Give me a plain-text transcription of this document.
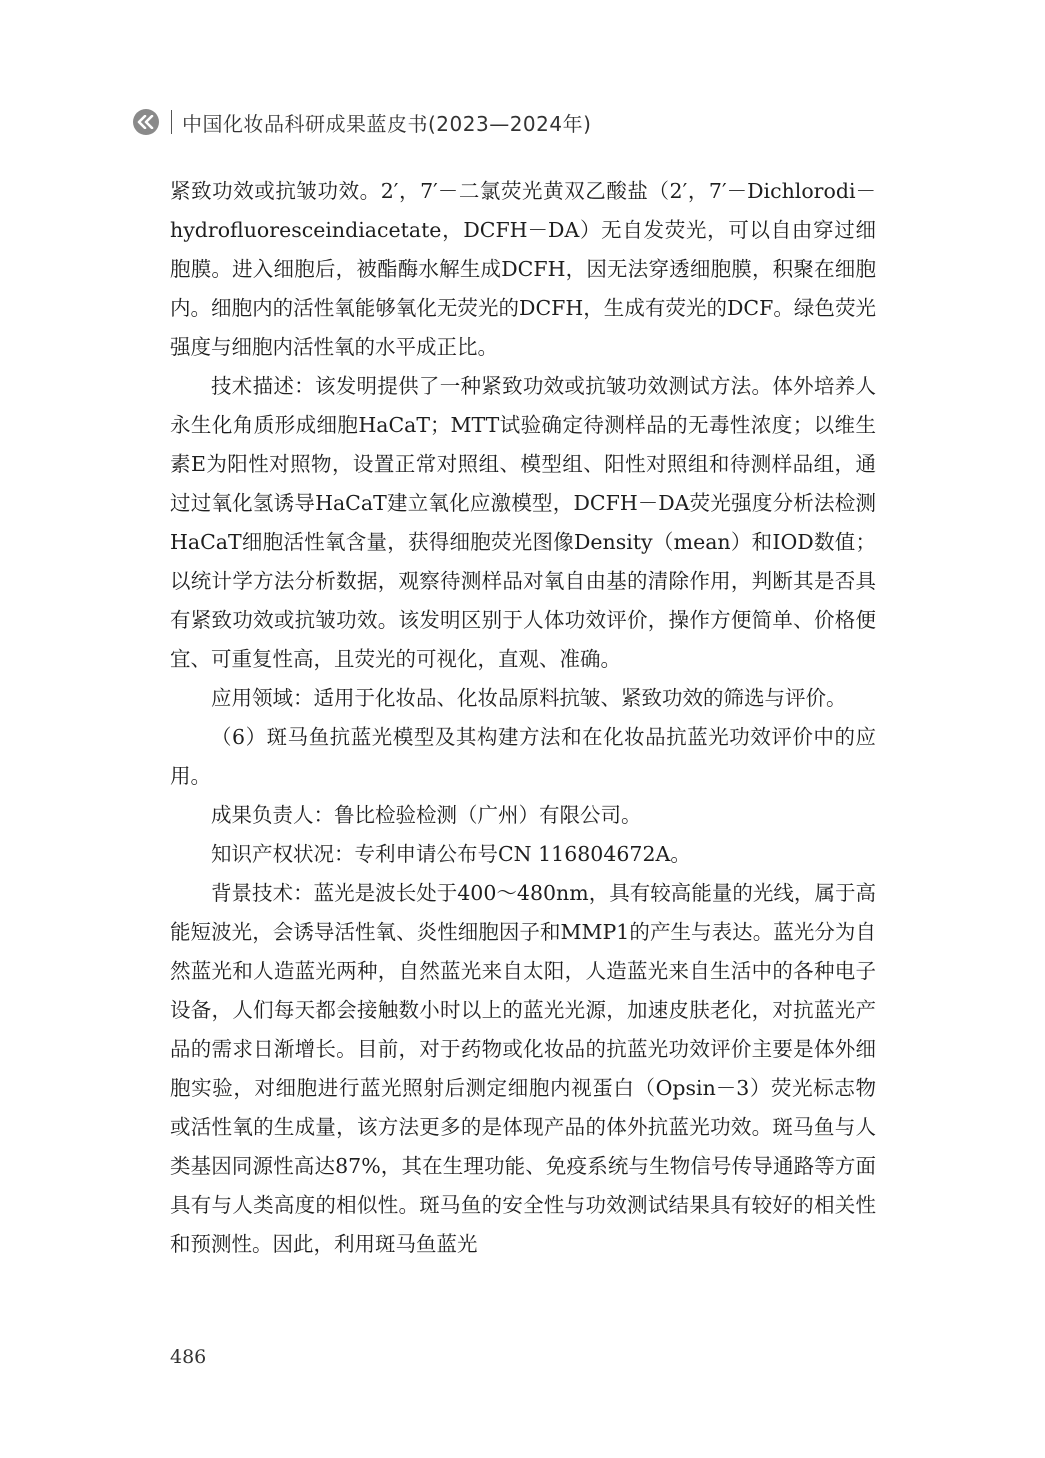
中国化妆品科研成果蓝皮书(2023—2024年)

紧致功效或抗皱功效。2′，7′－二氯荧光黄双乙酸盐（2′，7′－Dichlorodi－hydrofluoresceindiacetate，DCFH－DA）无自发荧光，可以自由穿过细胞膜。进入细胞后，被酯酶水解生成DCFH，因无法穿透细胞膜，积聚在细胞内。细胞内的活性氧能够氧化无荧光的DCFH，生成有荧光的DCF。绿色荧光强度与细胞内活性氧的水平成正比。

技术描述：该发明提供了一种紧致功效或抗皱功效测试方法。体外培养人永生化角质形成细胞HaCaT；MTT试验确定待测样品的无毒性浓度；以维生素E为阳性对照物，设置正常对照组、模型组、阳性对照组和待测样品组，通过过氧化氢诱导HaCaT建立氧化应激模型，DCFH－DA荧光强度分析法检测HaCaT细胞活性氧含量，获得细胞荧光图像Density（mean）和IOD数值；以统计学方法分析数据，观察待测样品对氧自由基的清除作用，判断其是否具有紧致功效或抗皱功效。该发明区别于人体功效评价，操作方便简单、价格便宜、可重复性高，且荧光的可视化，直观、准确。

应用领域：适用于化妆品、化妆品原料抗皱、紧致功效的筛选与评价。

（6）斑马鱼抗蓝光模型及其构建方法和在化妆品抗蓝光功效评价中的应用。

成果负责人：鲁比检验检测（广州）有限公司。

知识产权状况：专利申请公布号CN 116804672A。

背景技术：蓝光是波长处于400～480nm，具有较高能量的光线，属于高能短波光，会诱导活性氧、炎性细胞因子和MMP1的产生与表达。蓝光分为自然蓝光和人造蓝光两种，自然蓝光来自太阳，人造蓝光来自生活中的各种电子设备，人们每天都会接触数小时以上的蓝光光源，加速皮肤老化，对抗蓝光产品的需求日渐增长。目前，对于药物或化妆品的抗蓝光功效评价主要是体外细胞实验，对细胞进行蓝光照射后测定细胞内视蛋白（Opsin－3）荧光标志物或活性氧的生成量，该方法更多的是体现产品的体外抗蓝光功效。斑马鱼与人类基因同源性高达87%，其在生理功能、免疫系统与生物信号传导通路等方面具有与人类高度的相似性。斑马鱼的安全性与功效测试结果具有较好的相关性和预测性。因此，利用斑马鱼蓝光

486
